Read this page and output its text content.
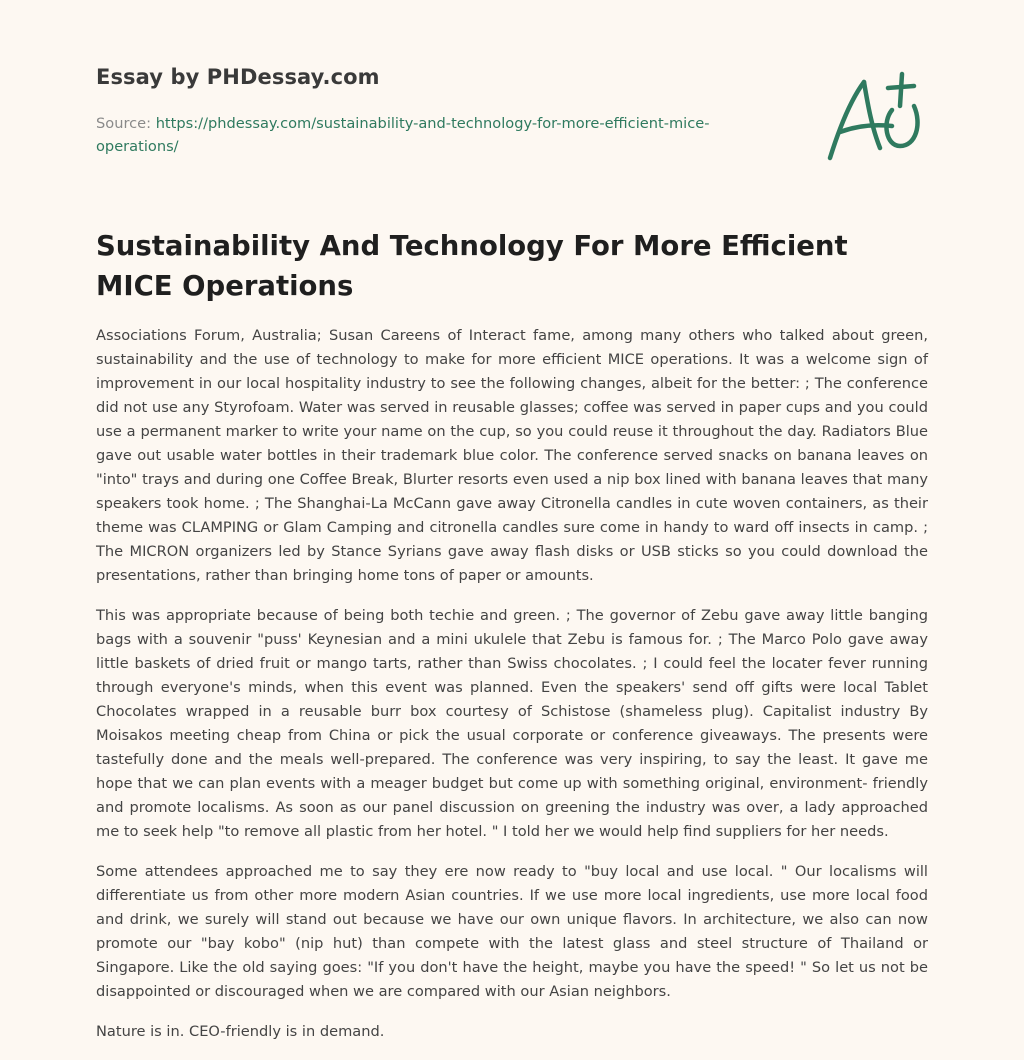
Essay by PHDessay.com
Source: https://phdessay.com/sustainability-and-technology-for-more-efficient-mice-operations/
Sustainability And Technology For More Efficient MICE Operations

Associations Forum, Australia; Susan Careens of Interact fame, among many others who talked about green, sustainability and the use of technology to make for more efficient MICE operations. It was a welcome sign of improvement in our local hospitality industry to see the following changes, albeit for the better: ; The conference did not use any Styrofoam. Water was served in reusable glasses; coffee was served in paper cups and you could use a permanent marker to write your name on the cup, so you could reuse it throughout the day. Radiators Blue gave out usable water bottles in their trademark blue color. The conference served snacks on banana leaves on "into" trays and during one Coffee Break, Blurter resorts even used a nip box lined with banana leaves that many speakers took home. ; The Shanghai-La McCann gave away Citronella candles in cute woven containers, as their theme was CLAMPING or Glam Camping and citronella candles sure come in handy to ward off insects in camp. ; The MICRON organizers led by Stance Syrians gave away flash disks or USB sticks so you could download the presentations, rather than bringing home tons of paper or amounts.

This was appropriate because of being both techie and green. ; The governor of Zebu gave away little banging bags with a souvenir "puss' Keynesian and a mini ukulele that Zebu is famous for. ; The Marco Polo gave away little baskets of dried fruit or mango tarts, rather than Swiss chocolates. ; I could feel the locater fever running through everyone's minds, when this event was planned. Even the speakers' send off gifts were local Tablet Chocolates wrapped in a reusable burr box courtesy of Schistose (shameless plug). Capitalist industry By Moisakos meeting cheap from China or pick the usual corporate or conference giveaways. The presents were tastefully done and the meals well-prepared. The conference was very inspiring, to say the least. It gave me hope that we can plan events with a meager budget but come up with something original, environment- friendly and promote localisms. As soon as our panel discussion on greening the industry was over, a lady approached me to seek help "to remove all plastic from her hotel. " I told her we would help find suppliers for her needs.

Some attendees approached me to say they ere now ready to "buy local and use local. " Our localisms will differentiate us from other more modern Asian countries. If we use more local ingredients, use more local food and drink, we surely will stand out because we have our own unique flavors. In architecture, we also can now promote our "bay kobo" (nip hut) than compete with the latest glass and steel structure of Thailand or Singapore. Like the old saying goes: "If you don't have the height, maybe you have the speed! " So let us not be disappointed or discouraged when we are compared with our Asian neighbors.

Nature is in. CEO-friendly is in demand.
